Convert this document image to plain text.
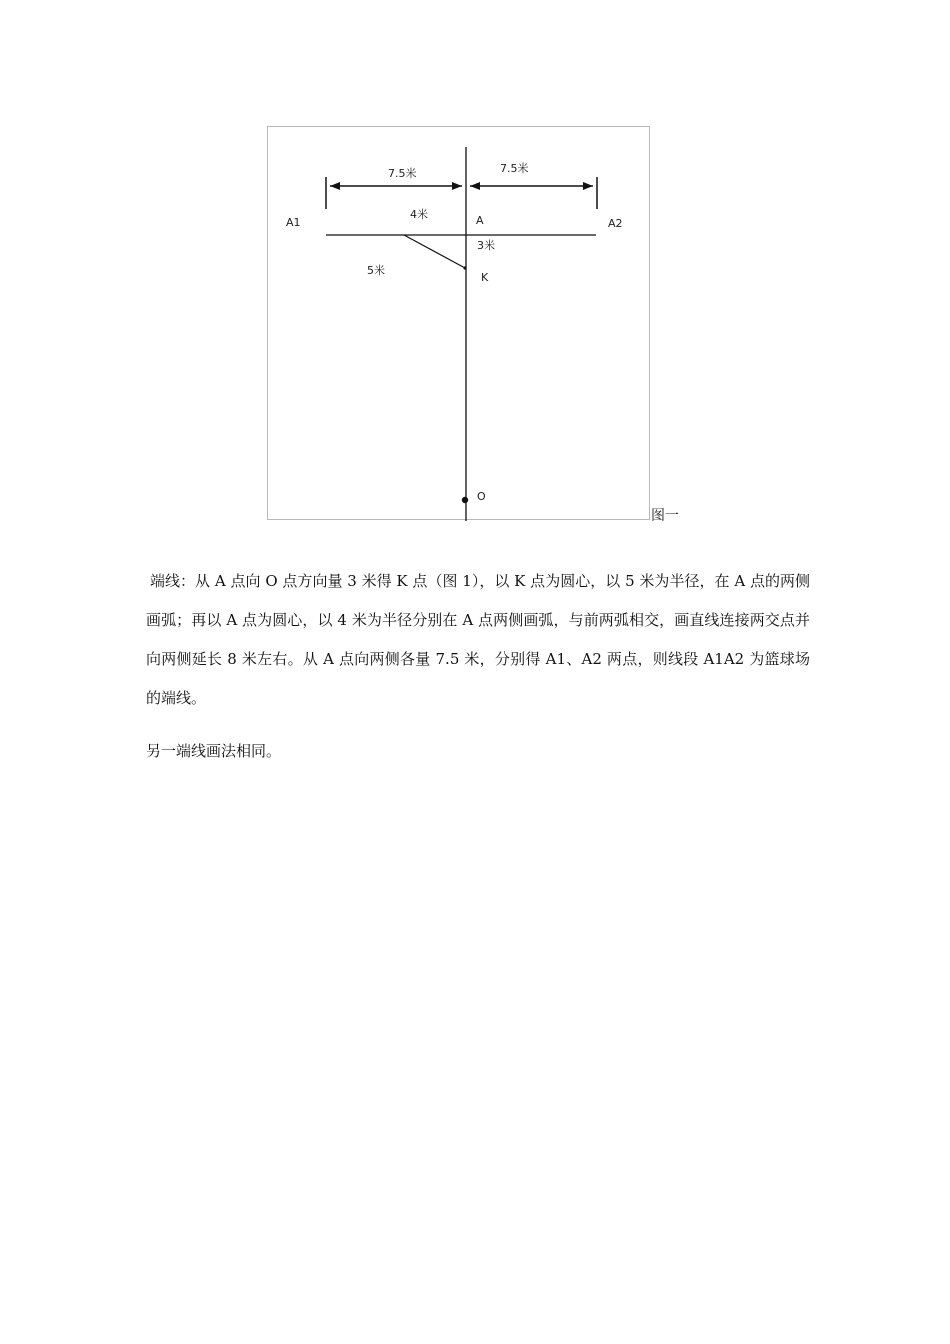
7.5米	7.5米
A1	A2
A
4米
3米
5米
K
O
图一

端线：从 A 点向 O 点方向量 3 米得 K 点（图 1），以 K 点为圆心，以 5 米为半径，在 A 点的两侧画弧；再以 A 点为圆心，以 4 米为半径分别在 A 点两侧画弧，与前两弧相交，画直线连接两交点并向两侧延长 8 米左右。从 A 点向两侧各量 7.5 米，分别得 A1、A2 两点，则线段 A1A2 为篮球场的端线。

另一端线画法相同。
